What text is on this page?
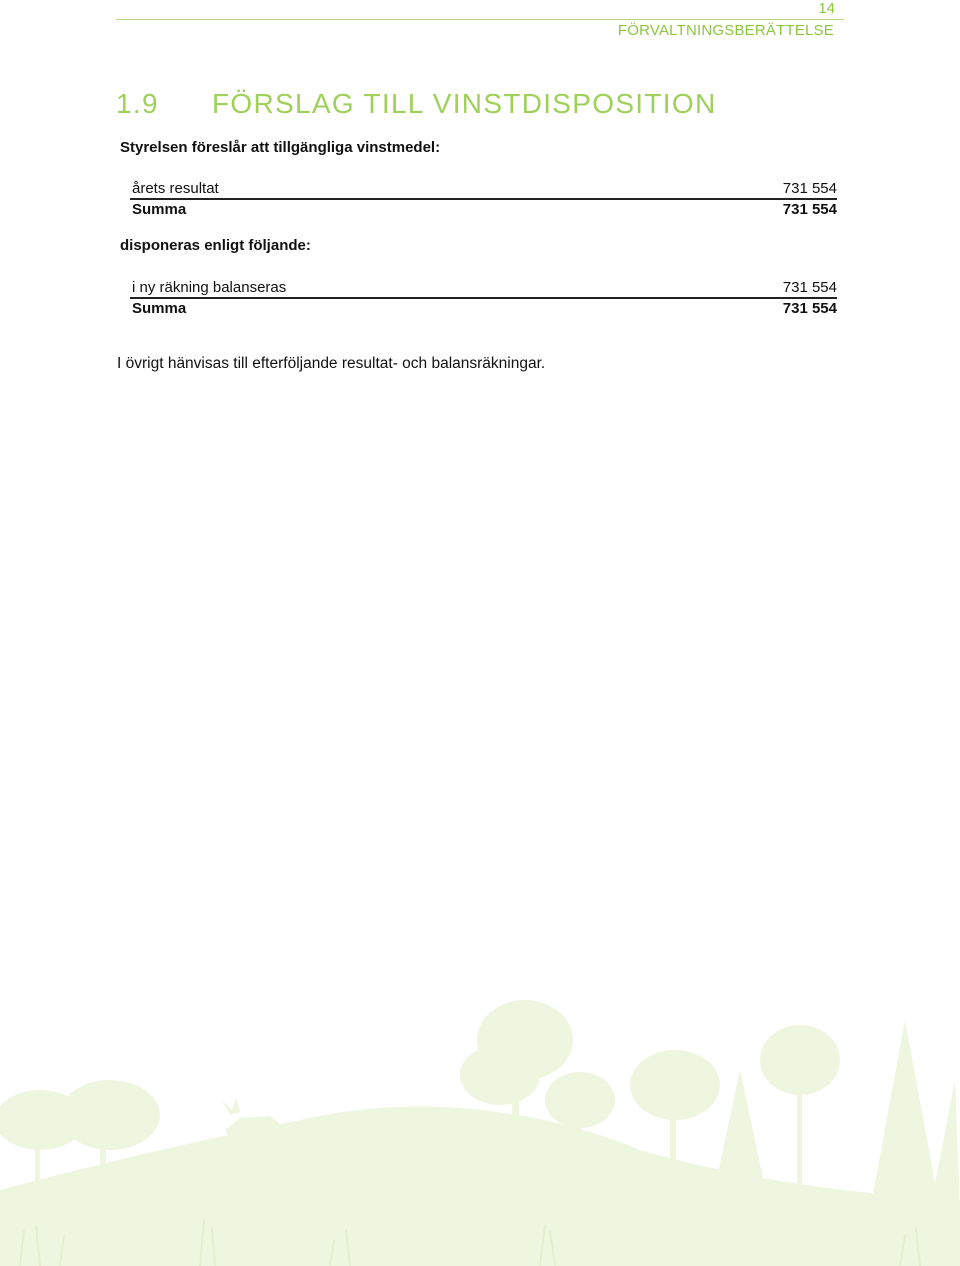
14
FÖRVALTNINGSBERÄTTELSE
1.9 FÖRSLAG TILL VINSTDISPOSITION
Styrelsen föreslår att tillgängliga vinstmedel:
årets resultat	731 554
Summa	731 554
disponeras enligt följande:
i ny räkning balanseras	731 554
Summa	731 554
I övrigt hänvisas till efterföljande resultat- och balansräkningar.
